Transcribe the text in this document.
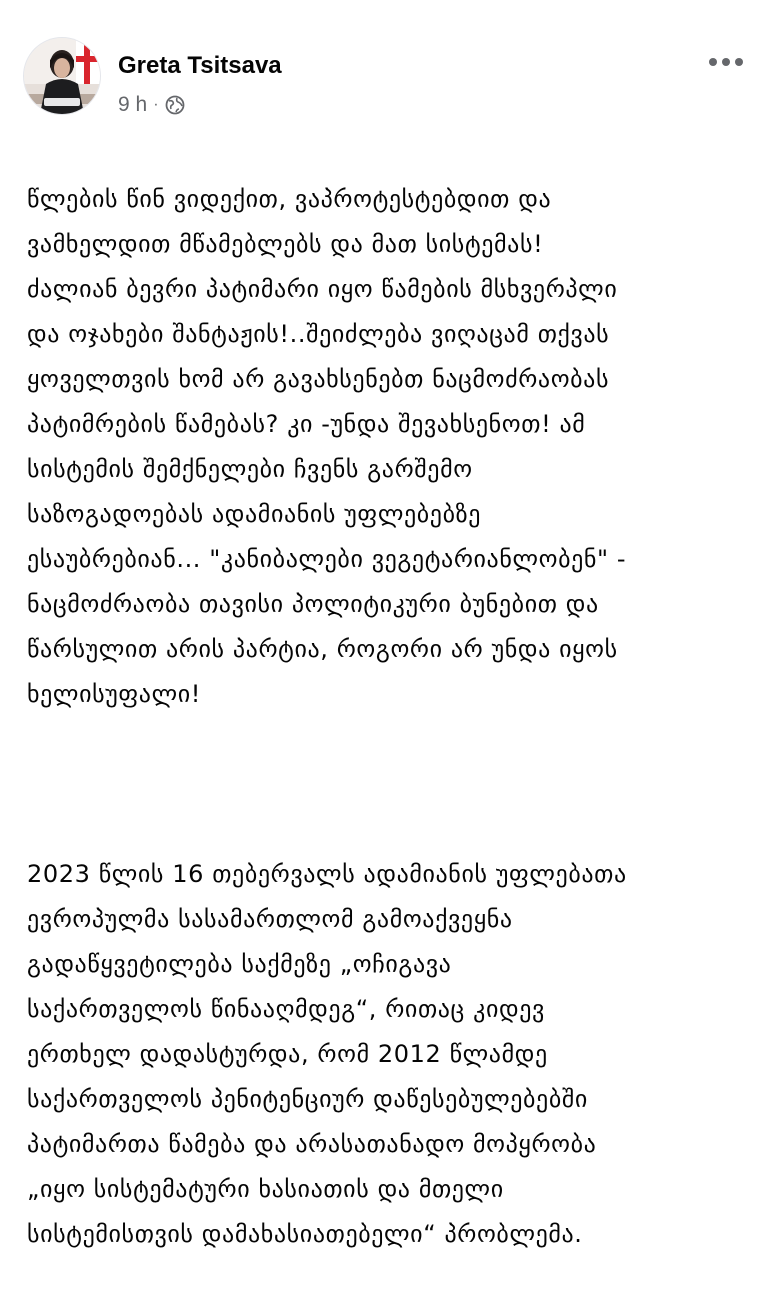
Greta Tsitsava
9 h ·

წლების წინ ვიდექით, ვაპროტესტებდით და
ვამხელდით მწამებლებს და მათ სისტემას!
ძალიან ბევრი პატიმარი იყო წამების მსხვერპლი
და ოჯახები შანტაჟის!..შეიძლება ვიღაცამ თქვას
ყოველთვის ხომ არ გავახსენებთ ნაცმოძრაობას
პატიმრების წამებას? კი -უნდა შევახსენოთ! ამ
სისტემის შემქნელები ჩვენს გარშემო
საზოგადოებას ადამიანის უფლებებზე
ესაუბრებიან... "კანიბალები ვეგეტარიანლობენ" -
ნაცმოძრაობა თავისი პოლიტიკური ბუნებით და
წარსულით არის პარტია, როგორი არ უნდა იყოს
ხელისუფალი!

2023 წლის 16 თებერვალს ადამიანის უფლებათა
ევროპულმა სასამართლომ გამოაქვეყნა
გადაწყვეტილება საქმეზე „ოჩიგავა
საქართველოს წინააღმდეგ“, რითაც კიდევ
ერთხელ დადასტურდა, რომ 2012 წლამდე
საქართველოს პენიტენციურ დაწესებულებებში
პატიმართა წამება და არასათანადო მოპყრობა
„იყო სისტემატური ხასიათის და მთელი
სისტემისთვის დამახასიათებელი“ პრობლემა.
